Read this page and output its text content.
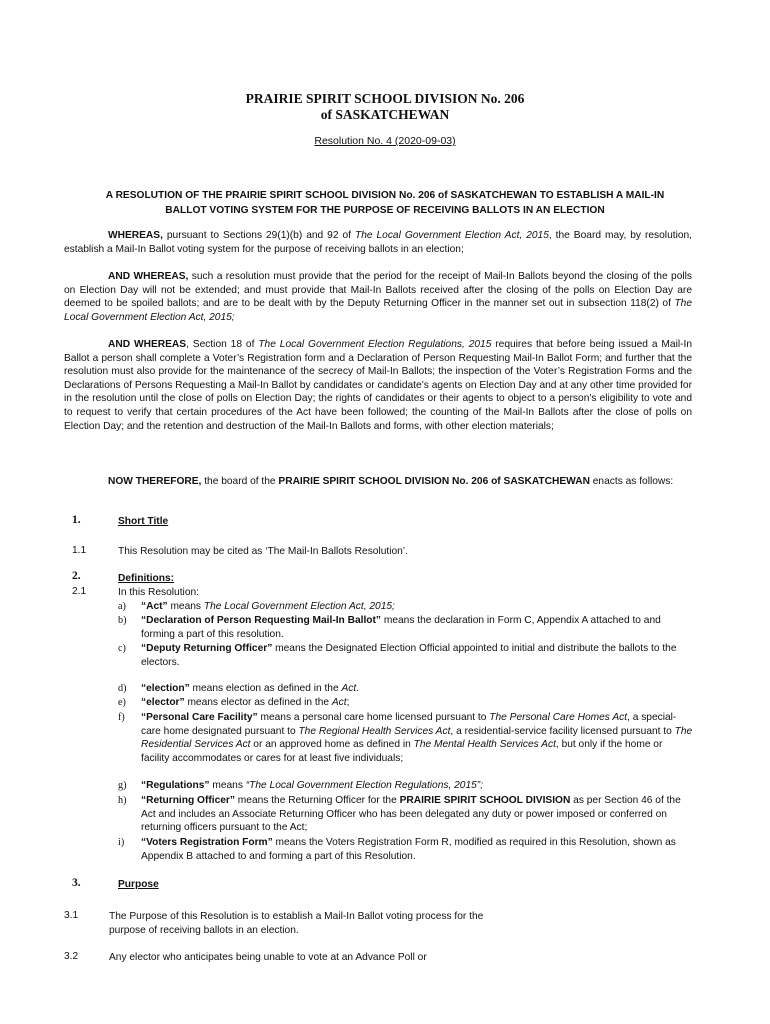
PRAIRIE SPIRIT SCHOOL DIVISION No. 206
of SASKATCHEWAN
Resolution No. 4 (2020-09-03)
A RESOLUTION OF THE PRAIRIE SPIRIT SCHOOL DIVISION No. 206 of SASKATCHEWAN TO ESTABLISH A MAIL-IN
BALLOT VOTING SYSTEM FOR THE PURPOSE OF RECEIVING BALLOTS IN AN ELECTION
WHEREAS, pursuant to Sections 29(1)(b) and 92 of The Local Government Election Act, 2015, the Board may, by resolution, establish a Mail-In Ballot voting system for the purpose of receiving ballots in an election;
AND WHEREAS, such a resolution must provide that the period for the receipt of Mail-In Ballots beyond the closing of the polls on Election Day will not be extended; and must provide that Mail-In Ballots received after the closing of the polls on Election Day are deemed to be spoiled ballots; and are to be dealt with by the Deputy Returning Officer in the manner set out in subsection 118(2) of The Local Government Election Act, 2015;
AND WHEREAS, Section 18 of The Local Government Election Regulations, 2015 requires that before being issued a Mail-In Ballot a person shall complete a Voter’s Registration form and a Declaration of Person Requesting Mail-In Ballot Form; and further that the resolution must also provide for the maintenance of the secrecy of Mail-In Ballots; the inspection of the Voter’s Registration Forms and the Declarations of Persons Requesting a Mail-In Ballot by candidates or candidate’s agents on Election Day and at any other time provided for in the resolution until the close of polls on Election Day; the rights of candidates or their agents to object to a person’s eligibility to vote and to request to verify that certain procedures of the Act have been followed; the counting of the Mail-In Ballots after the close of polls on Election Day; and the retention and destruction of the Mail-In Ballots and forms, with other election materials;
NOW THEREFORE, the board of the PRAIRIE SPIRIT SCHOOL DIVISION No. 206 of SASKATCHEWAN enacts as follows:
1.	Short Title
1.1	This Resolution may be cited as ‘The Mail-In Ballots Resolution’.
2.	Definitions:
2.1	In this Resolution:
a)	“Act” means The Local Government Election Act, 2015;
b)	“Declaration of Person Requesting Mail-In Ballot” means the declaration in Form C, Appendix A attached to and forming a part of this resolution.
c)	“Deputy Returning Officer” means the Designated Election Official appointed to initial and distribute the ballots to the electors.
d)	“election” means election as defined in the Act.
e)	“elector” means elector as defined in the Act;
f)	“Personal Care Facility” means a personal care home licensed pursuant to The Personal Care Homes Act, a special-care home designated pursuant to The Regional Health Services Act, a residential-service facility licensed pursuant to The Residential Services Act or an approved home as defined in The Mental Health Services Act, but only if the home or facility accommodates or cares for at least five individuals;
g)	“Regulations” means “The Local Government Election Regulations, 2015”;
h)	“Returning Officer” means the Returning Officer for the PRAIRIE SPIRIT SCHOOL DIVISION as per Section 46 of the Act and includes an Associate Returning Officer who has been delegated any duty or power imposed or conferred on returning officers pursuant to the Act;
i)	“Voters Registration Form” means the Voters Registration Form R, modified as required in this Resolution, shown as Appendix B attached to and forming a part of this Resolution.
3.	Purpose
3.1	The Purpose of this Resolution is to establish a Mail-In Ballot voting process for the
purpose of receiving ballots in an election.
3.2	Any elector who anticipates being unable to vote at an Advance Poll or
